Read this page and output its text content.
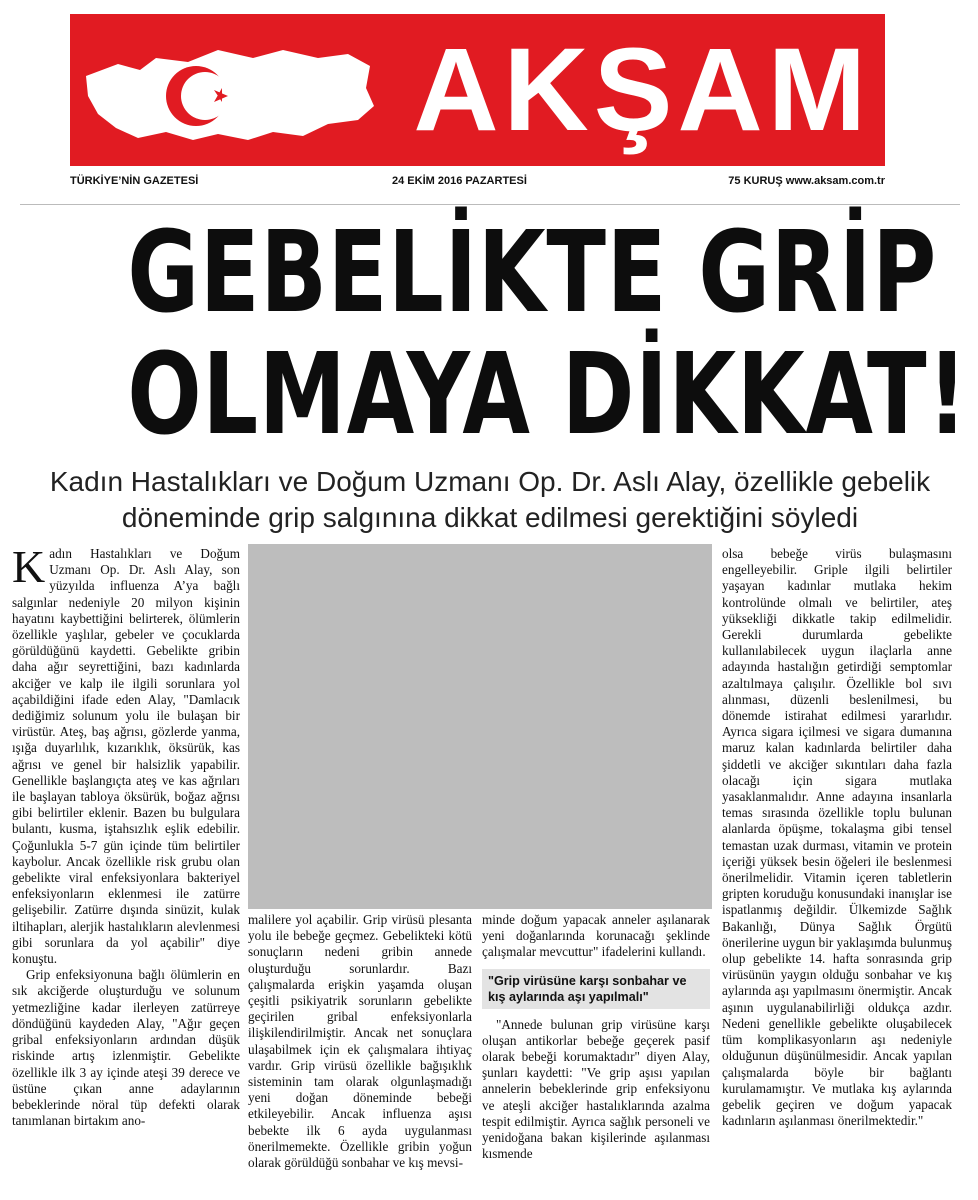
AKŞAM
TÜRKİYE’NİN GAZETESİ	24 EKİM 2016 PAZARTESİ	75 KURUŞ www.aksam.com.tr
GEBELİKTE GRİP
OLMAYA DİKKAT!
Kadın Hastalıkları ve Doğum Uzmanı Op. Dr. Aslı Alay, özellikle gebelik döneminde grip salgınına dikkat edilmesi gerektiğini söyledi

Kadın Hastalıkları ve Doğum Uzmanı Op. Dr. Aslı Alay, son yüzyılda influenza A’ya bağlı salgınlar nedeniyle 20 milyon kişinin hayatını kaybettiğini belirterek, ölümlerin özellikle yaşlılar, gebeler ve çocuklarda görüldüğünü kaydetti. Gebelikte gribin daha ağır seyrettiğini, bazı kadınlarda akciğer ve kalp ile ilgili sorunlara yol açabildiğini ifade eden Alay, "Damlacık dediğimiz solunum yolu ile bulaşan bir virüstür. Ateş, baş ağrısı, gözlerde yanma, ışığa duyarlılık, kızarıklık, öksürük, kas ağrısı ve genel bir halsizlik yapabilir. Genellikle başlangıçta ateş ve kas ağrıları ile başlayan tabloya öksürük, boğaz ağrısı gibi belirtiler eklenir. Bazen bu bulgulara bulantı, kusma, iştahsızlık eşlik edebilir. Çoğunlukla 5-7 gün içinde tüm belirtiler kaybolur. Ancak özellikle risk grubu olan gebelikte viral enfeksiyonlara bakteriyel enfeksiyonların eklenmesi ile zatürre gelişebilir. Zatürre dışında sinüzit, kulak iltihapları, alerjik hastalıkların alevlenmesi gibi sorunlara da yol açabilir" diye konuştu.

Grip enfeksiyonuna bağlı ölümlerin en sık akciğerde oluşturduğu ve solunum yetmezliğine kadar ilerleyen zatürreye döndüğünü kaydeden Alay, "Ağır geçen gribal enfeksiyonların ardından düşük riskinde artış izlenmiştir. Gebelikte özellikle ilk 3 ay içinde ateşi 39 derece ve üstüne çıkan anne adaylarının bebeklerinde nöral tüp defekti olarak tanımlanan birtakım ano-

malilere yol açabilir. Grip virüsü plesanta yolu ile bebeğe geçmez. Gebelikteki kötü sonuçların nedeni gribin annede oluşturduğu sorunlardır. Bazı çalışmalarda erişkin yaşamda oluşan çeşitli psikiyatrik sorunların gebelikte geçirilen gribal enfeksiyonlarla ilişkilendirilmiştir. Ancak net sonuçlara ulaşabilmek için ek çalışmalara ihtiyaç vardır. Grip virüsü özellikle bağışıklık sisteminin tam olarak olgunlaşmadığı yeni doğan döneminde bebeği etkileyebilir. Ancak influenza aşısı bebekte ilk 6 ayda uygulanması önerilmemekte. Özellikle gribin yoğun olarak görüldüğü sonbahar ve kış mevsi-

minde doğum yapacak anneler aşılanarak yeni doğanlarında korunacağı şeklinde çalışmalar mevcuttur" ifadelerini kullandı.

"Grip virüsüne karşı sonbahar ve kış aylarında aşı yapılmalı"

"Annede bulunan grip virüsüne karşı oluşan antikorlar bebeğe geçerek pasif olarak bebeği korumaktadır" diyen Alay, şunları kaydetti: "Ve grip aşısı yapılan annelerin bebeklerinde grip enfeksiyonu ve ateşli akciğer hastalıklarında azalma tespit edilmiştir. Ayrıca sağlık personeli ve yenidoğana bakan kişilerinde aşılanması kısmende

olsa bebeğe virüs bulaşmasını engelleyebilir. Griple ilgili belirtiler yaşayan kadınlar mutlaka hekim kontrolünde olmalı ve belirtiler, ateş yüksekliği dikkatle takip edilmelidir. Gerekli durumlarda gebelikte kullanılabilecek uygun ilaçlarla anne adayında hastalığın getirdiği semptomlar azaltılmaya çalışılır. Özellikle bol sıvı alınması, düzenli beslenilmesi, bu dönemde istirahat edilmesi yararlıdır. Ayrıca sigara içilmesi ve sigara dumanına maruz kalan kadınlarda belirtiler daha şiddetli ve akciğer sıkıntıları daha fazla olacağı için sigara mutlaka yasaklanmalıdır. Anne adayına insanlarla temas sırasında özellikle toplu bulunan alanlarda öpüşme, tokalaşma gibi tensel temastan uzak durması, vitamin ve protein içeriği yüksek besin öğeleri ile beslenmesi önerilmelidir. Vitamin içeren tabletlerin gripten koruduğu konusundaki inanışlar ise ispatlanmış değildir. Ülkemizde Sağlık Bakanlığı, Dünya Sağlık Örgütü önerilerine uygun bir yaklaşımda bulunmuş olup gebelikte 14. hafta sonrasında grip virüsünün yaygın olduğu sonbahar ve kış aylarında aşı yapılmasını önermiştir. Ancak aşının uygulanabilirliği oldukça azdır. Nedeni genellikle gebelikte oluşabilecek tüm komplikasyonların aşı nedeniyle olduğunun düşünülmesidir. Ancak yapılan çalışmalarda böyle bir bağlantı kurulamamıştır. Ve mutlaka kış aylarında gebelik geçiren ve doğum yapacak kadınların aşılanması önerilmektedir."
